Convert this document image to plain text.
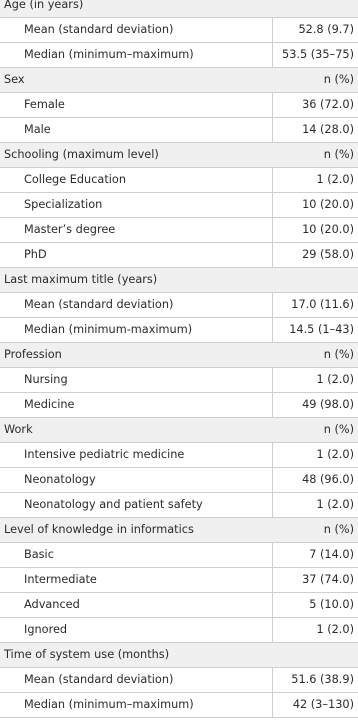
Age (in years)
Mean (standard deviation)	52.8 (9.7)
Median (minimum–maximum)	53.5 (35–75)
Sex	n (%)
Female	36 (72.0)
Male	14 (28.0)
Schooling (maximum level)	n (%)
College Education	1 (2.0)
Specialization	10 (20.0)
Master’s degree	10 (20.0)
PhD	29 (58.0)
Last maximum title (years)
Mean (standard deviation)	17.0 (11.6)
Median (minimum-maximum)	14.5 (1–43)
Profession	n (%)
Nursing	1 (2.0)
Medicine	49 (98.0)
Work	n (%)
Intensive pediatric medicine	1 (2.0)
Neonatology	48 (96.0)
Neonatology and patient safety	1 (2.0)
Level of knowledge in informatics	n (%)
Basic	7 (14.0)
Intermediate	37 (74.0)
Advanced	5 (10.0)
Ignored	1 (2.0)
Time of system use (months)
Mean (standard deviation)	51.6 (38.9)
Median (minimum–maximum)	42 (3–130)
